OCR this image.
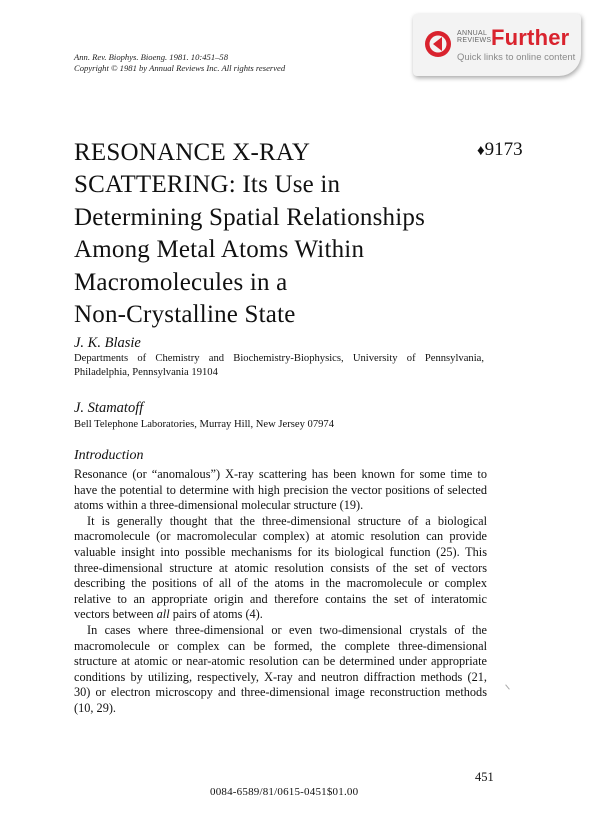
Ann. Rev. Biophys. Bioeng. 1981. 10:451–58
Copyright © 1981 by Annual Reviews Inc. All rights reserved
ANNUAL
REVIEWS Further
Quick links to online content
RESONANCE X-RAY
SCATTERING: Its Use in
Determining Spatial Relationships
Among Metal Atoms Within
Macromolecules in a
Non-Crystalline State
♦9173
J. K. Blasie
Departments of Chemistry and Biochemistry-Biophysics, University of Pennsylvania, Philadelphia, Pennsylvania 19104
J. Stamatoff
Bell Telephone Laboratories, Murray Hill, New Jersey 07974
Introduction

Resonance (or “anomalous”) X-ray scattering has been known for some time to have the potential to determine with high precision the vector positions of selected atoms within a three-dimensional molecular structure (19).

It is generally thought that the three-dimensional structure of a biological macromolecule (or macromolecular complex) at atomic resolution can provide valuable insight into possible mechanisms for its biological function (25). This three-dimensional structure at atomic resolution consists of the set of vectors describing the positions of all of the atoms in the macromolecule or complex relative to an appropriate origin and therefore contains the set of interatomic vectors between all pairs of atoms (4).

In cases where three-dimensional or even two-dimensional crystals of the macromolecule or complex can be formed, the complete three-dimensional structure at atomic or near-atomic resolution can be determined under appropriate conditions by utilizing, respectively, X-ray and neutron diffraction methods (21, 30) or electron microscopy and three-dimensional image reconstruction methods (10, 29).

451
0084-6589/81/0615-0451$01.00
